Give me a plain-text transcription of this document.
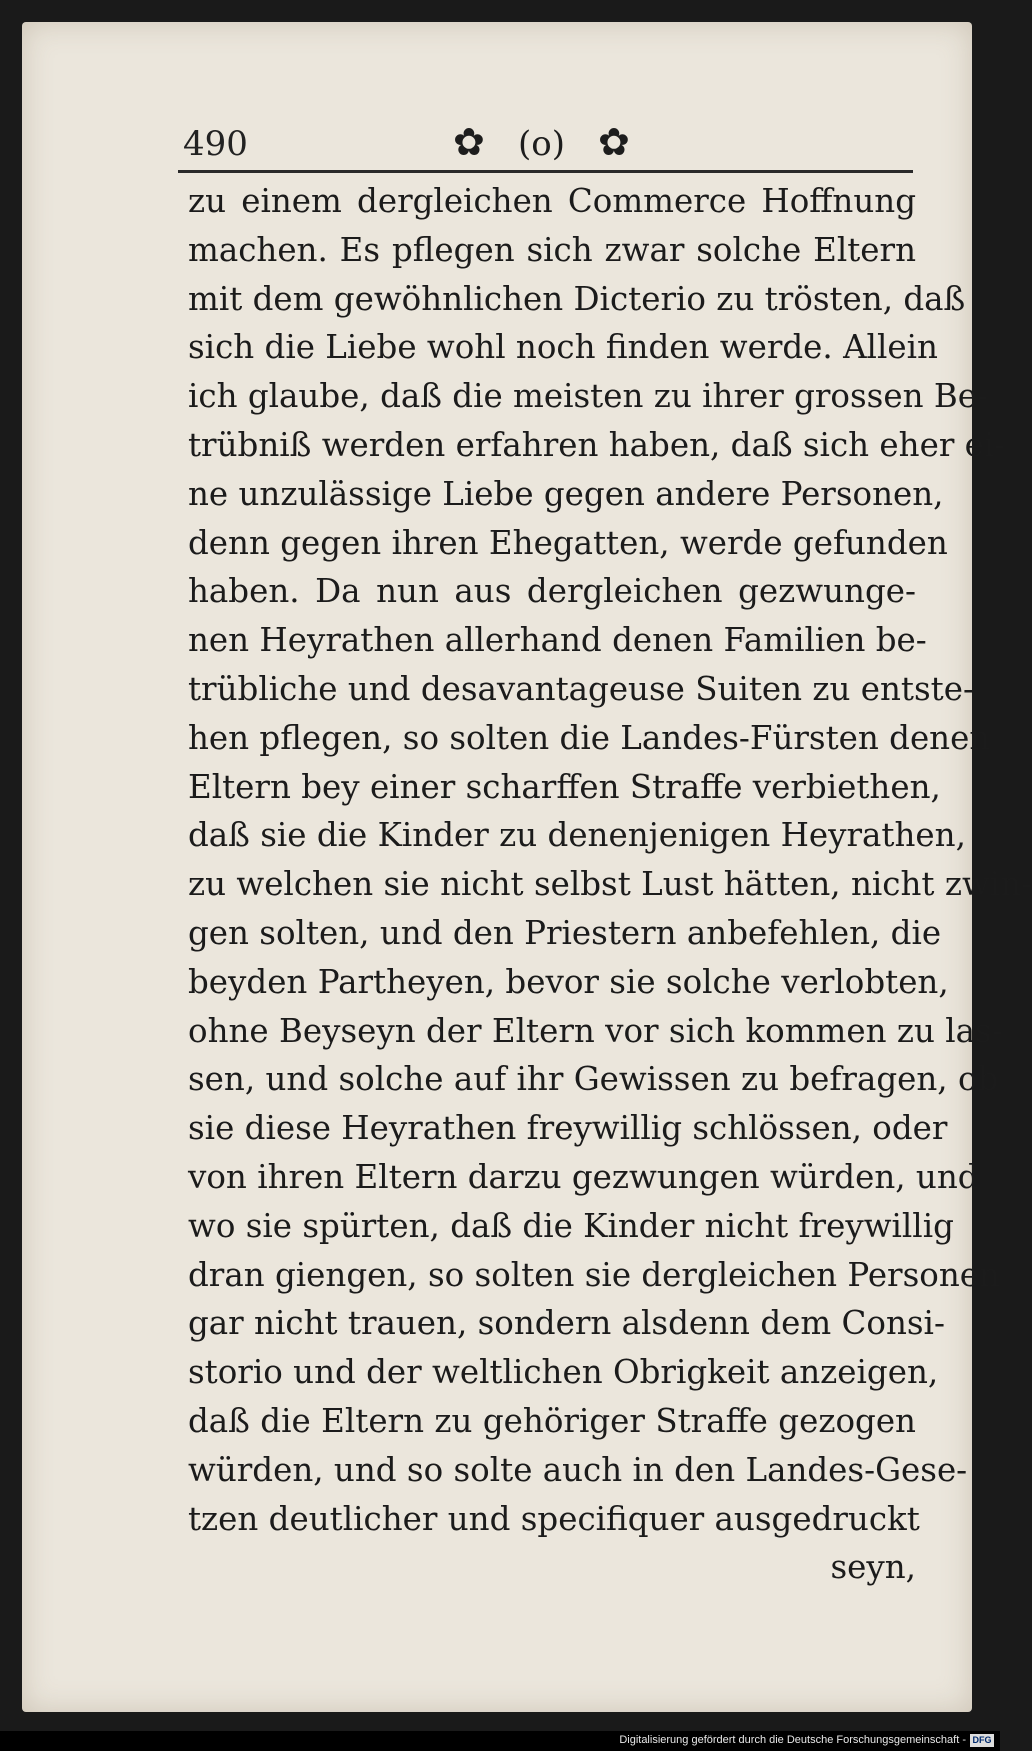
490	✿ (o) ✿
zu einem dergleichen Commerce Hoffnung
machen. Es pflegen sich zwar solche Eltern
mit dem gewöhnlichen Dicterio zu trösten, daß
sich die Liebe wohl noch finden werde. Allein
ich glaube, daß die meisten zu ihrer grossen Be-
trübniß werden erfahren haben, daß sich eher ei-
ne unzulässige Liebe gegen andere Personen,
denn gegen ihren Ehegatten, werde gefunden
haben. Da nun aus dergleichen gezwunge-
nen Heyrathen allerhand denen Familien be-
trübliche und desavantageuse Suiten zu entste-
hen pflegen, so solten die Landes-Fürsten denen
Eltern bey einer scharffen Straffe verbiethen,
daß sie die Kinder zu denenjenigen Heyrathen,
zu welchen sie nicht selbst Lust hätten, nicht zwin-
gen solten, und den Priestern anbefehlen, die
beyden Partheyen, bevor sie solche verlobten,
ohne Beyseyn der Eltern vor sich kommen zu las-
sen, und solche auf ihr Gewissen zu befragen, ob
sie diese Heyrathen freywillig schlössen, oder
von ihren Eltern darzu gezwungen würden, und
wo sie spürten, daß die Kinder nicht freywillig
dran giengen, so solten sie dergleichen Personen
gar nicht trauen, sondern alsdenn dem Consi-
storio und der weltlichen Obrigkeit anzeigen,
daß die Eltern zu gehöriger Straffe gezogen
würden, und so solte auch in den Landes-Gese-
tzen deutlicher und specifiquer ausgedruckt
seyn,
Digitalisierung gefördert durch die Deutsche Forschungsgemeinschaft - DFG
